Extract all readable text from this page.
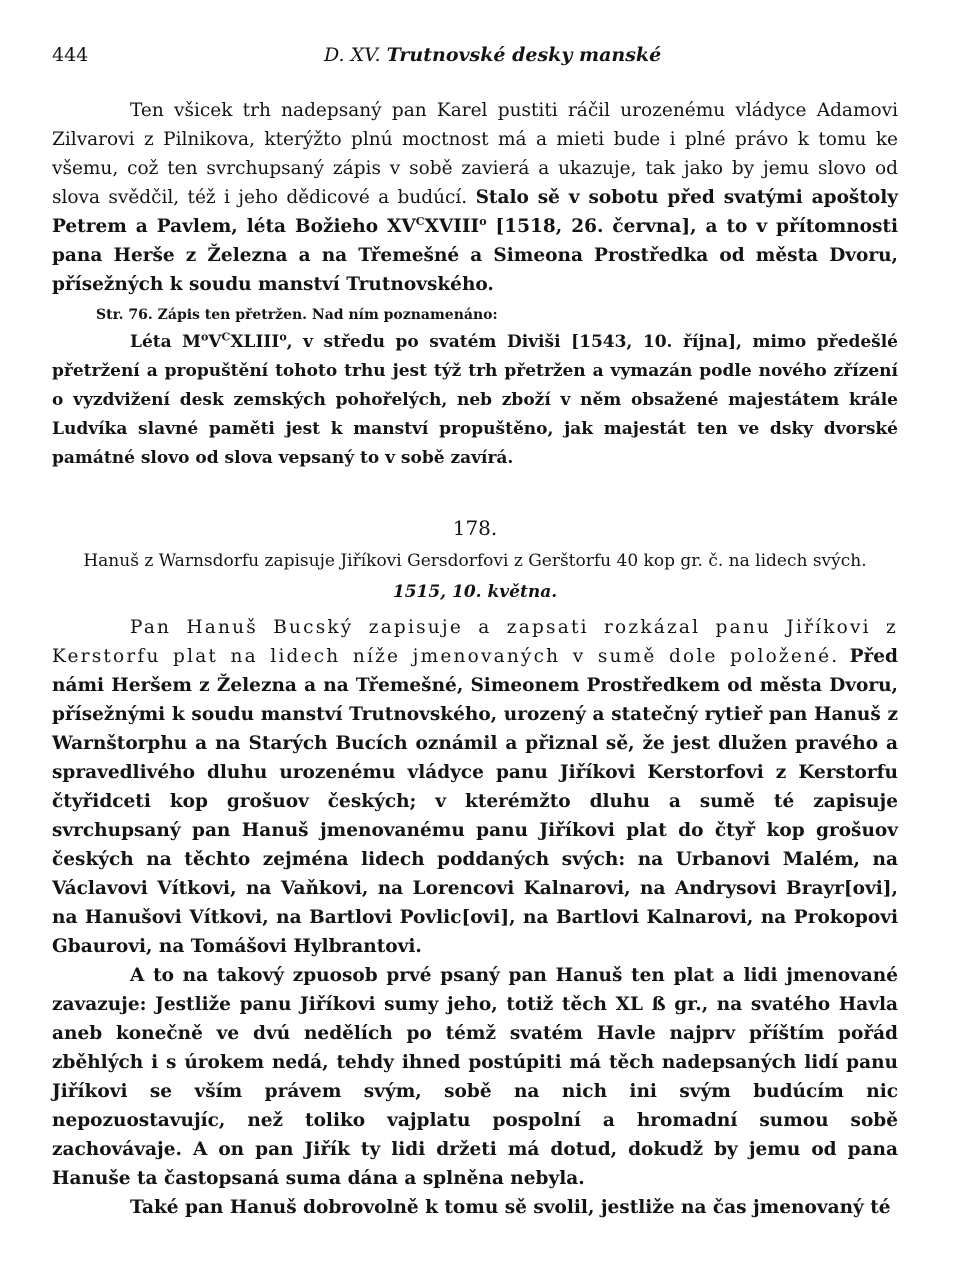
444	D. XV. Trutnovské desky manské

Ten všicek trh nadepsaný pan Karel pustiti ráčil urozenému vládyce Adamovi Zilvarovi z Pilnikova, kterýžto plnú moctnost má a mieti bude i plné právo k tomu ke všemu, což ten svrchupsaný zápis v sobě zavierá a ukazuje, tak jako by jemu slovo od slova svědčil, též i jeho dědicové a budúcí. Stalo sě v sobotu před svatými apoštoly Petrem a Pavlem, léta Božieho $XV^CXVIII^o$ [1518, 26. června], a to v přítomnosti pana Herše z Železna a na Třemešné a Simeona Prostředka od města Dvoru, přísežných k soudu manství Trutnovského.

Str. 76. Zápis ten přetržen. Nad ním poznamenáno:

Léta $M^oV^CXLIII^o$, v středu po svatém Diviši [1543, 10. října], mimo předešlé přetržení a propuštění tohoto trhu jest týž trh přetržen a vymazán podle nového zřízení o vyzdvižení desk zemských pohořelých, neb zboží v něm obsažené majestátem krále Ludvíka slavné paměti jest k manství propuštěno, jak majestát ten ve dsky dvorské památné slovo od slova vepsaný to v sobě zavírá.

178.
Hanuš z Warnsdorfu zapisuje Jiříkovi Gersdorfovi z Gerštorfu 40 kop gr. č. na lidech svých.
1515, 10. května.

Pan Hanuš Bucský zapisuje a zapsati rozkázal panu Jiříkovi z Kerstorfu plat na lidech níže jmenovaných v sumě dole položené. Před námi Heršem z Železna a na Třemešné, Simeonem Prostředkem od města Dvoru, přísežnými k soudu manství Trutnovského, urozený a statečný rytieř pan Hanuš z Warnštorphu a na Starých Bucích oznámil a přiznal sě, že jest dlužen pravého a spravedlivého dluhu urozenému vládyce panu Jiříkovi Kerstorfovi z Kerstorfu čtyřidceti kop grošuov českých; v kterémžto dluhu a sumě té zapisuje svrchupsaný pan Hanuš jmenovanému panu Jiříkovi plat do čtyř kop grošuov českých na těchto zejména lidech poddaných svých: na Urbanovi Malém, na Václavovi Vítkovi, na Vaňkovi, na Lorencovi Kalnarovi, na Andrysovi Brayr[ovi], na Hanušovi Vítkovi, na Bartlovi Povlic[ovi], na Bartlovi Kalnarovi, na Prokopovi Gbaurovi, na Tomášovi Hylbrantovi.

A to na takový zpuosob prvé psaný pan Hanuš ten plat a lidi jmenované zavazuje: Jestliže panu Jiříkovi sumy jeho, totiž těch XL ß gr., na svatého Havla aneb konečně ve dvú nedělích po témž svatém Havle najprv příštím pořád zběhlých i s úrokem nedá, tehdy ihned postúpiti má těch nadepsaných lidí panu Jiříkovi se vším právem svým, sobě na nich ini svým budúcím nic nepozuostavujíc, než toliko vajplatu pospolní a hromadní sumou sobě zachovávaje. A on pan Jiřík ty lidi držeti má dotud, dokudž by jemu od pana Hanuše ta častopsaná suma dána a splněna nebyla.

Také pan Hanuš dobrovolně k tomu sě svolil, jestliže na čas jmenovaný té
